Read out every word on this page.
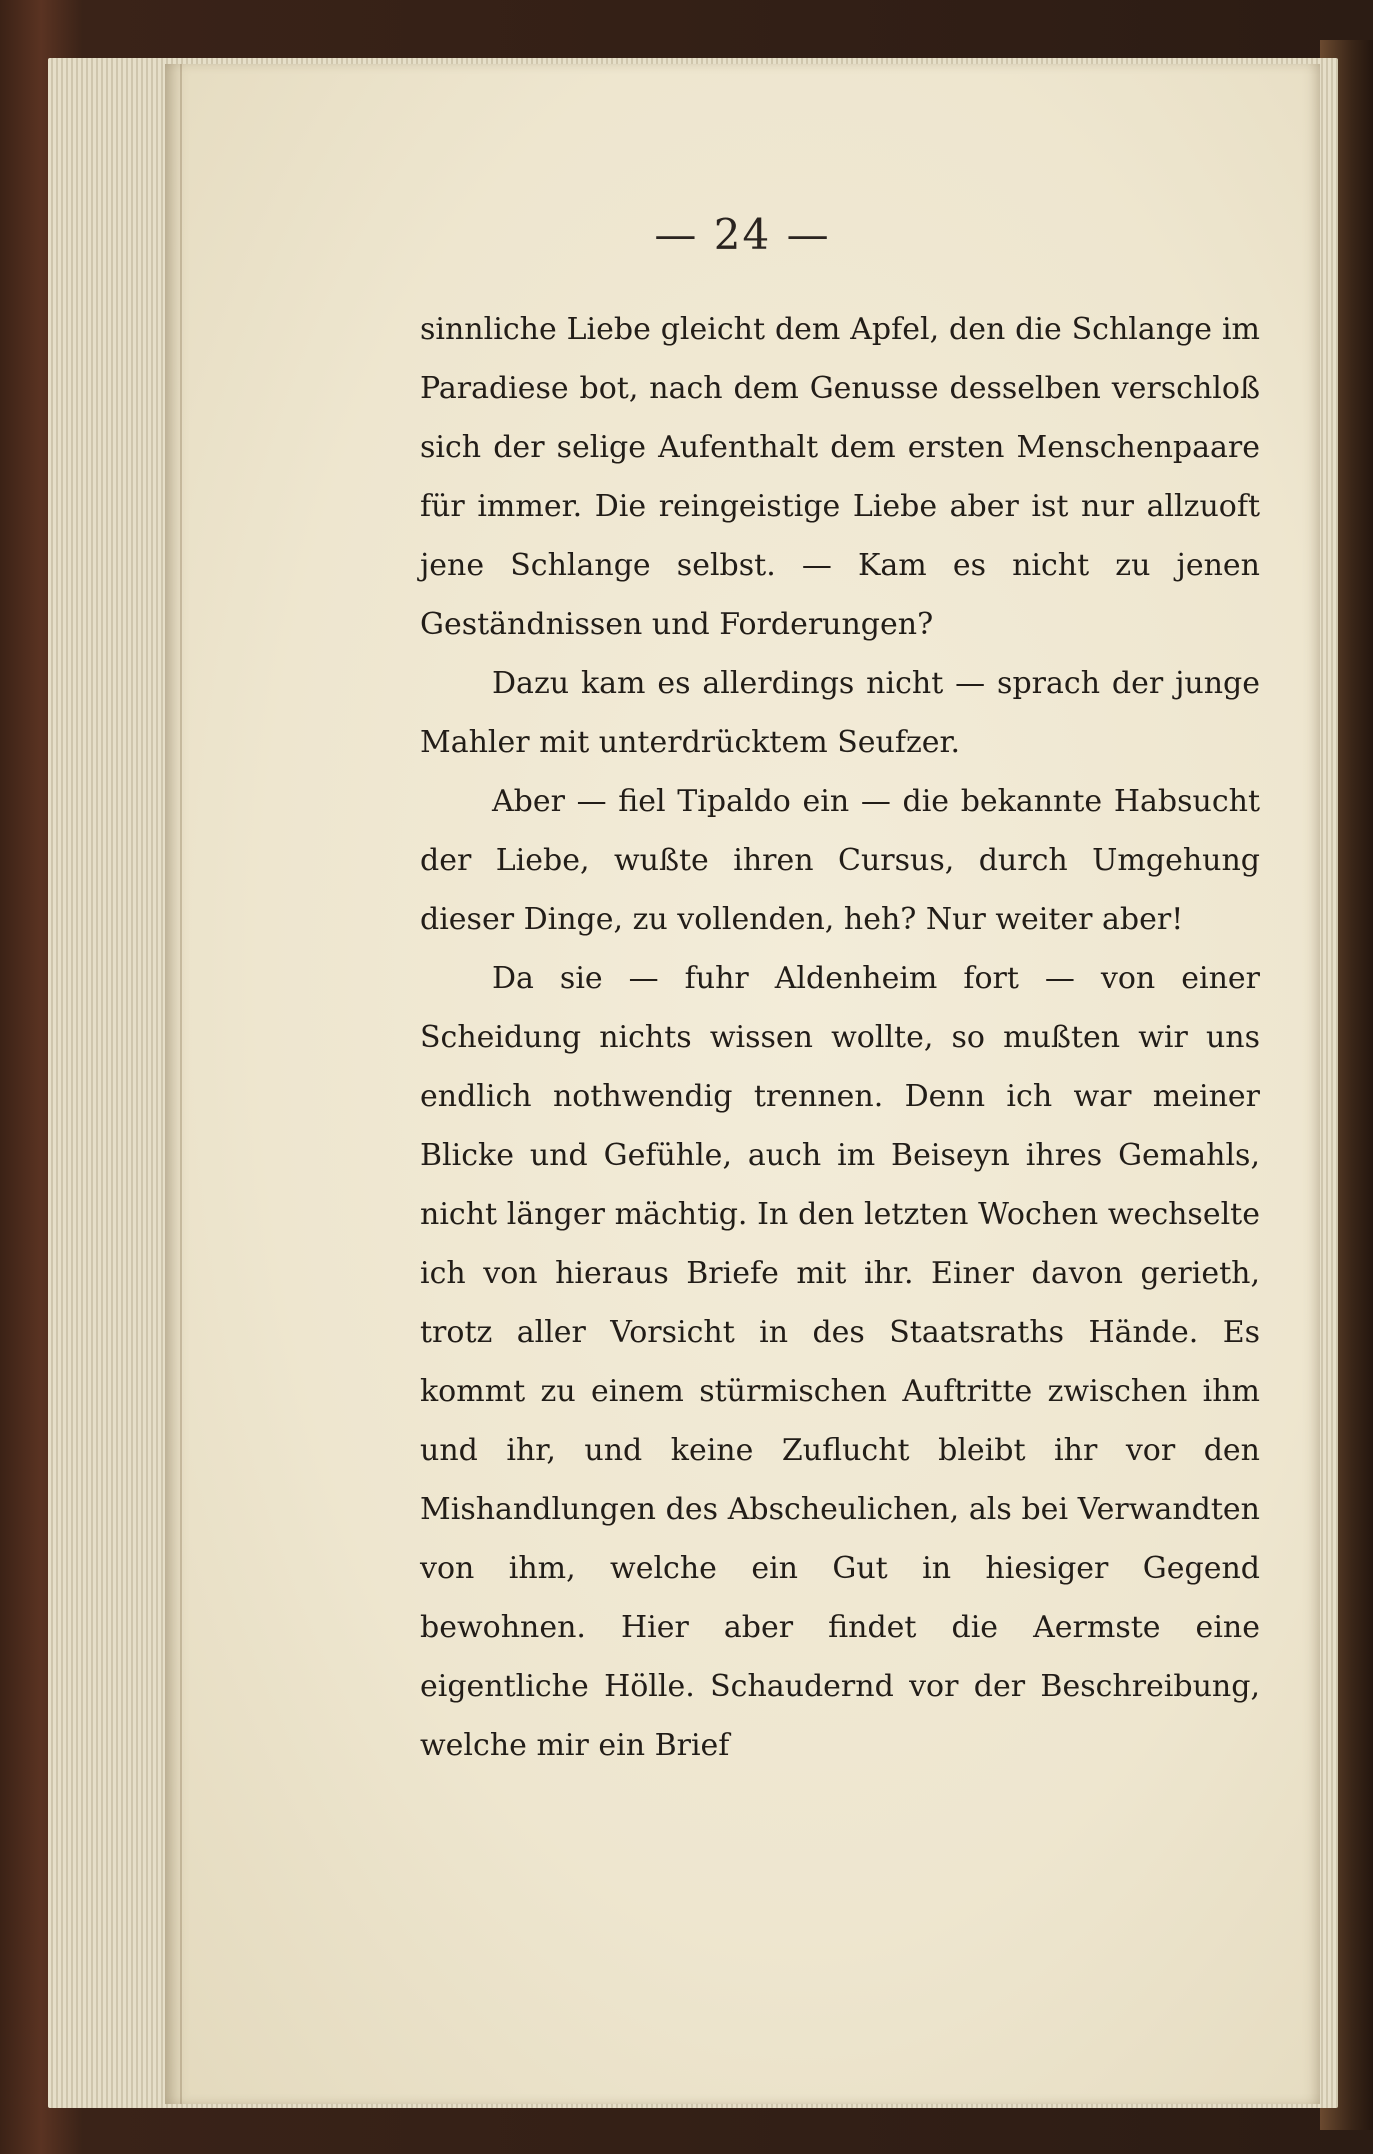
— 24 —

sinnliche Liebe gleicht dem Apfel, den die Schlange im Paradiese bot, nach dem Genusse desselben verschloß sich der selige Aufenthalt dem ersten Menschenpaare für immer. Die reingeistige Liebe aber ist nur allzuoft jene Schlange selbst. — Kam es nicht zu jenen Geständnissen und Forderungen?

Dazu kam es allerdings nicht — sprach der junge Mahler mit unterdrücktem Seufzer.

Aber — fiel Tipaldo ein — die bekannte Habsucht der Liebe, wußte ihren Cursus, durch Umgehung dieser Dinge, zu vollenden, heh? Nur weiter aber!

Da sie — fuhr Aldenheim fort — von einer Scheidung nichts wissen wollte, so mußten wir uns endlich nothwendig trennen. Denn ich war meiner Blicke und Gefühle, auch im Beiseyn ihres Gemahls, nicht länger mächtig. In den letzten Wochen wechselte ich von hieraus Briefe mit ihr. Einer davon gerieth, trotz aller Vorsicht in des Staatsraths Hände. Es kommt zu einem stürmischen Auftritte zwischen ihm und ihr, und keine Zuflucht bleibt ihr vor den Mishandlungen des Abscheulichen, als bei Verwandten von ihm, welche ein Gut in hiesiger Gegend bewohnen. Hier aber findet die Aermste eine eigentliche Hölle. Schaudernd vor der Beschreibung, welche mir ein Brief
